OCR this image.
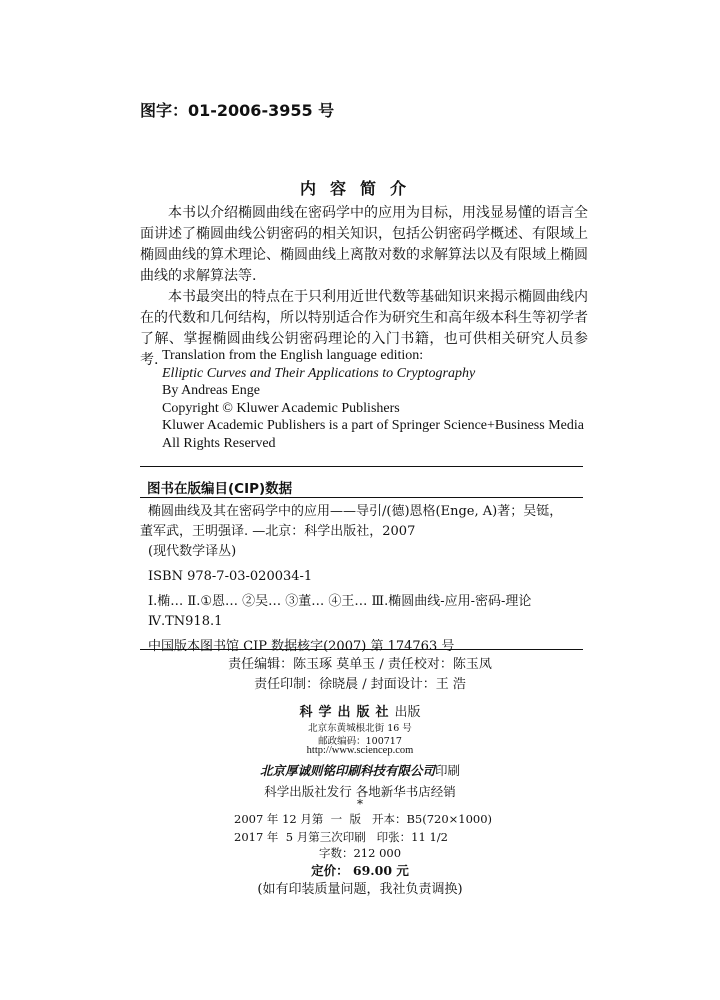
图字：01-2006-3955 号
内容简介
本书以介绍椭圆曲线在密码学中的应用为目标，用浅显易懂的语言全面讲述了椭圆曲线公钥密码的相关知识，包括公钥密码学概述、有限域上椭圆曲线的算术理论、椭圆曲线上离散对数的求解算法以及有限域上椭圆曲线的求解算法等.
本书最突出的特点在于只利用近世代数等基础知识来揭示椭圆曲线内在的代数和几何结构，所以特别适合作为研究生和高年级本科生等初学者了解、掌握椭圆曲线公钥密码理论的入门书籍，也可供相关研究人员参考. Translation from the English language edition:
Elliptic Curves and Their Applications to Cryptography
By Andreas Enge
Copyright © Kluwer Academic Publishers
Kluwer Academic Publishers is a part of Springer Science+Business Media
All Rights Reserved
图书在版编目(CIP)数据
椭圆曲线及其在密码学中的应用——导引/(德)恩格(Enge, A)著；吴铤，
董军武，王明强译. —北京：科学出版社，2007
(现代数学译丛)
ISBN 978-7-03-020034-1
Ⅰ.椭… Ⅱ.①恩… ②吴… ③董… ④王… Ⅲ.椭圆曲线-应用-密码-理论
Ⅳ.TN918.1
中国版本图书馆 CIP 数据核字(2007) 第 174763 号
责任编辑：陈玉琢 莫单玉 / 责任校对：陈玉凤
责任印制：徐晓晨 / 封面设计：王 浩
科学出版社出版
北京东黄城根北街 16 号
邮政编码：100717
http://www.sciencep.com
北京厚诚则铭印刷科技有限公司印刷
科学出版社发行 各地新华书店经销
*
2007 年 12 月第  一  版   开本：B5(720×1000)
2017 年  5 月第三次印刷   印张：11 1/2
字数：212 000
定价： 69.00 元
(如有印装质量问题，我社负责调换)
